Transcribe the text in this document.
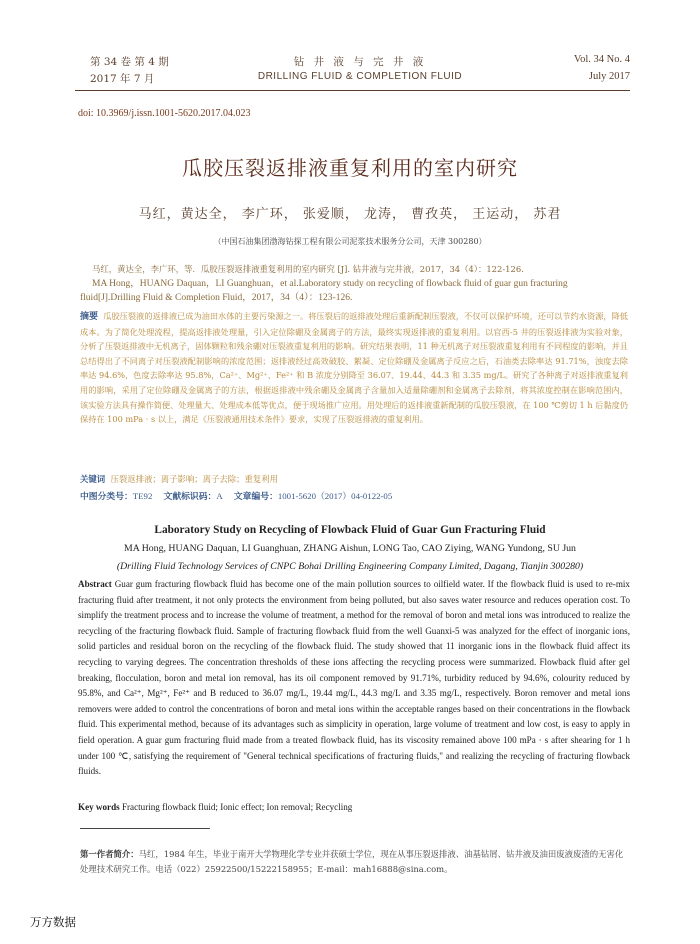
第 34 卷 第 4 期	钻 井 液 与 完 井 液	Vol. 34 No. 4
2017 年 7 月	DRILLING FLUID & COMPLETION FLUID	July 2017
doi: 10.3969/j.issn.1001-5620.2017.04.023
瓜胶压裂返排液重复利用的室内研究
马红，黄达全， 李广环， 张爱顺， 龙涛， 曹孜英， 王运动， 苏君
（中国石油集团渤海钻探工程有限公司泥浆技术服务分公司，天津 300280）

马红，黄达全，李广环，等．瓜胶压裂返排液重复利用的室内研究 [J]. 钻井液与完井液，2017，34（4）：122-126.

MA Hong，HUANG Daquan，LI Guanghuan，et al.Laboratory study on recycling of flowback fluid of guar gun fracturing

fluid[J].Drilling Fluid & Completion Fluid，2017，34（4）：123-126.

摘要 瓜胶压裂液的返排液已成为油田水体的主要污染源之一。将压裂后的返排液处理后重新配制压裂液，不仅可以保护环境，还可以节约水资源，降低成本。为了简化处理流程，提高返排液处理量，引入定位除硼及金属离子的方法，最终实现返排液的重复利用。以官西-5 井的压裂返排液为实验对象，分析了压裂返排液中无机离子，固体颗粒和残余硼对压裂液重复利用的影响。研究结果表明，11 种无机离子对压裂液重复利用有不同程度的影响，并且总结得出了不同离子对压裂液配制影响的浓度范围；返排液经过高效破胶、絮凝、定位除硼及金属离子反应之后，石油类去除率达 91.71%，浊度去除率达 94.6%，色度去除率达 95.8%，Ca²⁺、Mg²⁺、Fe²⁺ 和 B 浓度分别降至 36.07、19.44、44.3 和 3.35 mg/L。研究了各种离子对返排液重复利用的影响，采用了定位除硼及金属离子的方法，根据返排液中残余硼及金属离子含量加入适量除硼剂和金属离子去除剂，将其浓度控制在影响范围内，该实验方法具有操作简便、处理量大、处理成本低等优点，便于现场推广应用。用处理后的返排液重新配制的瓜胶压裂液，在 100 ℃剪切 1 h 后黏度仍保持在 100 mPa · s 以上，满足《压裂液通用技术条件》要求，实现了压裂返排液的重复利用。
关键词 压裂返排液；离子影响；离子去除；重复利用
中图分类号：TE92 文献标识码：A 文章编号：1001-5620（2017）04-0122-05
Laboratory Study on Recycling of Flowback Fluid of Guar Gun Fracturing Fluid
MA Hong, HUANG Daquan, LI Guanghuan, ZHANG Aishun, LONG Tao, CAO Ziying, WANG Yundong, SU Jun
(Drilling Fluid Technology Services of CNPC Bohai Drilling Engineering Company Limited, Dagang, Tianjin 300280)
Abstract Guar gum fracturing flowback fluid has become one of the main pollution sources to oilfield water. If the flowback fluid is used to re-mix fracturing fluid after treatment, it not only protects the environment from being polluted, but also saves water resource and reduces operation cost. To simplify the treatment process and to increase the volume of treatment, a method for the removal of boron and metal ions was introduced to realize the recycling of the fracturing flowback fluid. Sample of fracturing flowback fluid from the well Guanxi-5 was analyzed for the effect of inorganic ions, solid particles and residual boron on the recycling of the flowback fluid. The study showed that 11 inorganic ions in the flowback fluid affect its recycling to varying degrees. The concentration thresholds of these ions affecting the recycling process were summarized. Flowback fluid after gel breaking, flocculation, boron and metal ion removal, has its oil component removed by 91.71%, turbidity reduced by 94.6%, colourity reduced by 95.8%, and Ca²⁺, Mg²⁺, Fe²⁺ and B reduced to 36.07 mg/L, 19.44 mg/L, 44.3 mg/L and 3.35 mg/L, respectively. Boron remover and metal ions removers were added to control the concentrations of boron and metal ions within the acceptable ranges based on their concentrations in the flowback fluid. This experimental method, because of its advantages such as simplicity in operation, large volume of treatment and low cost, is easy to apply in field operation. A guar gum fracturing fluid made from a treated flowback fluid, has its viscosity remained above 100 mPa · s after shearing for 1 h under 100 ℃, satisfying the requirement of "General technical specifications of fracturing fluids," and realizing the recycling of fracturing flowback fluids.
Key words Fracturing flowback fluid; Ionic effect; Ion removal; Recycling
第一作者简介：马红，1984 年生，毕业于南开大学物理化学专业并获硕士学位，现在从事压裂返排液、油基钻屑、钻井液及油田废液废渣的无害化处理技术研究工作。电话（022）25922500/15222158955；E-mail：mah16888@sina.com。
万方数据
